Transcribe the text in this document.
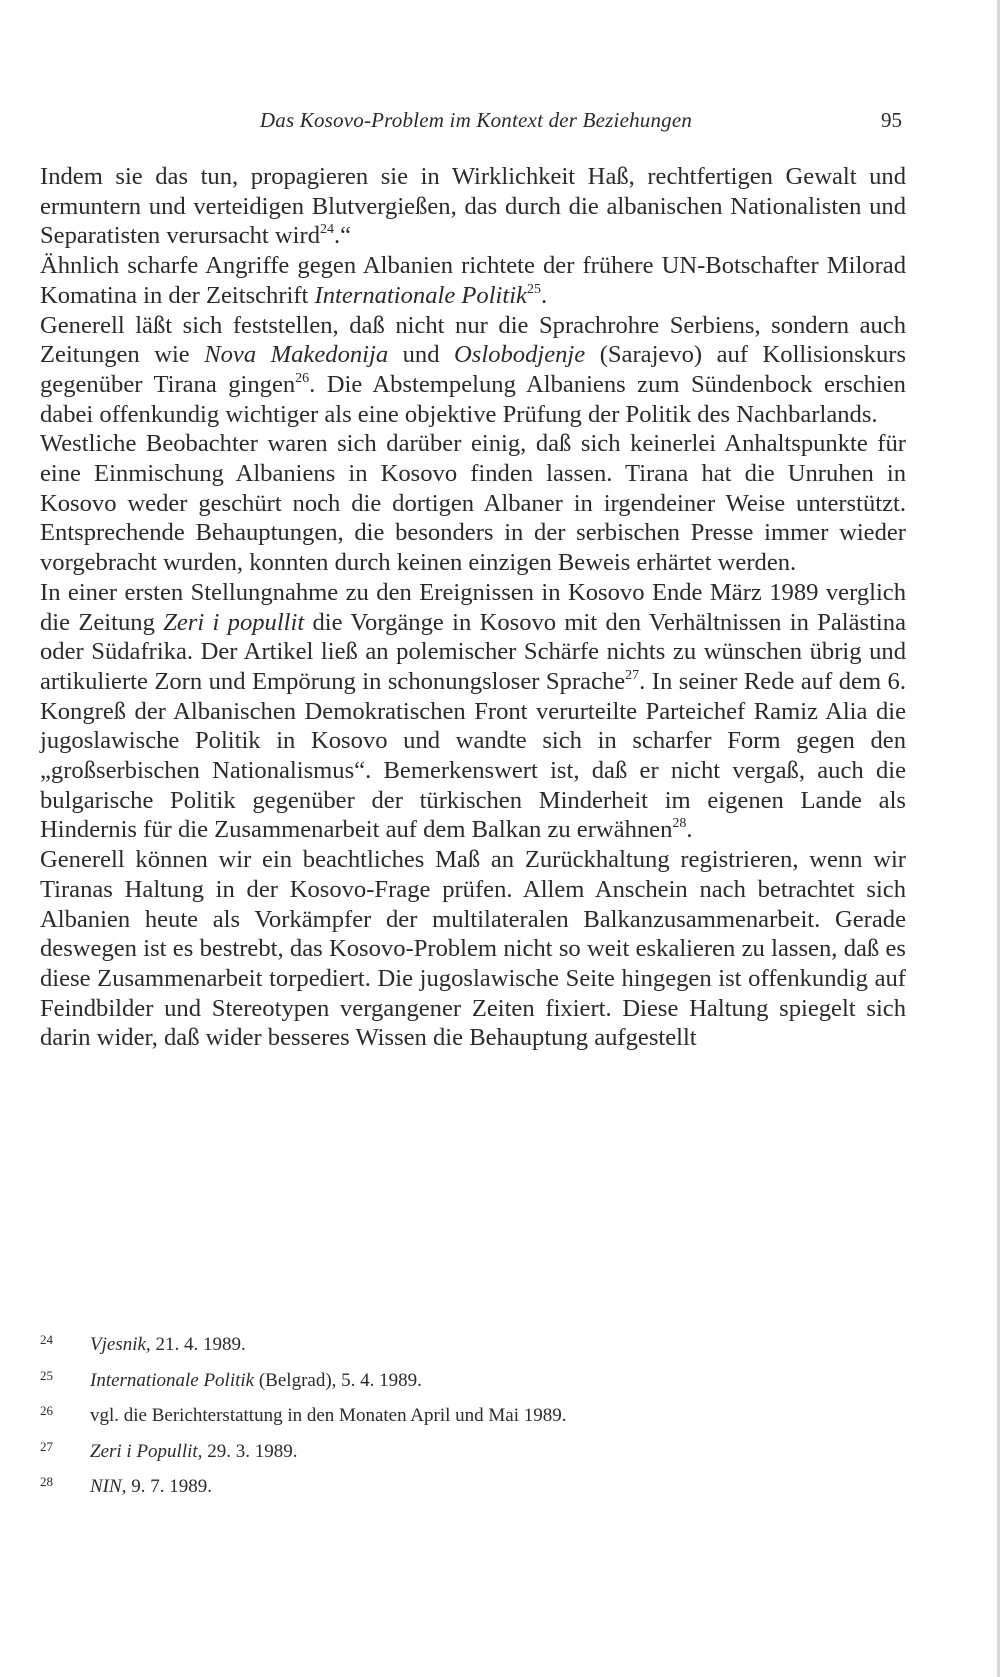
Das Kosovo-Problem im Kontext der Beziehungen	95

Indem sie das tun, propagieren sie in Wirklichkeit Haß, rechtfertigen Gewalt und ermuntern und verteidigen Blutvergießen, das durch die albanischen Nationalisten und Separatisten verursacht wird$^{24}$.“

Ähnlich scharfe Angriffe gegen Albanien richtete der frühere UN-Botschafter Milorad Komatina in der Zeitschrift Internationale Politik$^{25}$.

Generell läßt sich feststellen, daß nicht nur die Sprachrohre Serbiens, sondern auch Zeitungen wie Nova Makedonija und Oslobodjenje (Sarajevo) auf Kollisionskurs gegenüber Tirana gingen$^{26}$. Die Abstempelung Albaniens zum Sündenbock erschien dabei offenkundig wichtiger als eine objektive Prüfung der Politik des Nachbarlands.

Westliche Beobachter waren sich darüber einig, daß sich keinerlei Anhaltspunkte für eine Einmischung Albaniens in Kosovo finden lassen. Tirana hat die Unruhen in Kosovo weder geschürt noch die dortigen Albaner in irgendeiner Weise unterstützt. Entsprechende Behauptungen, die besonders in der serbischen Presse immer wieder vorgebracht wurden, konnten durch keinen einzigen Beweis erhärtet werden.

In einer ersten Stellungnahme zu den Ereignissen in Kosovo Ende März 1989 verglich die Zeitung Zeri i popullit die Vorgänge in Kosovo mit den Verhältnissen in Palästina oder Südafrika. Der Artikel ließ an polemischer Schärfe nichts zu wünschen übrig und artikulierte Zorn und Empörung in schonungsloser Sprache$^{27}$. In seiner Rede auf dem 6. Kongreß der Albanischen Demokratischen Front verurteilte Parteichef Ramiz Alia die jugoslawische Politik in Kosovo und wandte sich in scharfer Form gegen den „großserbischen Nationalismus“. Bemerkenswert ist, daß er nicht vergaß, auch die bulgarische Politik gegenüber der türkischen Minderheit im eigenen Lande als Hindernis für die Zusammenarbeit auf dem Balkan zu erwähnen$^{28}$.

Generell können wir ein beachtliches Maß an Zurückhaltung registrieren, wenn wir Tiranas Haltung in der Kosovo-Frage prüfen. Allem Anschein nach betrachtet sich Albanien heute als Vorkämpfer der multilateralen Balkanzusammenarbeit. Gerade deswegen ist es bestrebt, das Kosovo-Problem nicht so weit eskalieren zu lassen, daß es diese Zusammenarbeit torpediert. Die jugoslawische Seite hingegen ist offenkundig auf Feindbilder und Stereotypen vergangener Zeiten fixiert. Diese Haltung spiegelt sich darin wider, daß wider besseres Wissen die Behauptung aufgestellt

24 Vjesnik, 21. 4. 1989.
25 Internationale Politik (Belgrad), 5. 4. 1989.
26 vgl. die Berichterstattung in den Monaten April und Mai 1989.
27 Zeri i Popullit, 29. 3. 1989.
28 NIN, 9. 7. 1989.
